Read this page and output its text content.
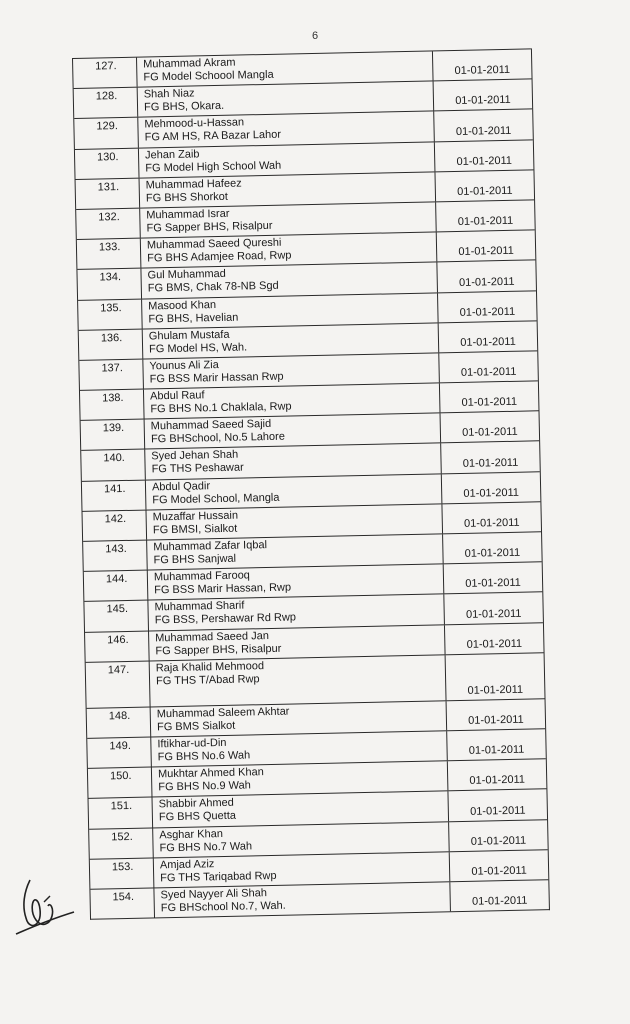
6
127.	Muhammad Akram
FG Model Schoool Mangla	01-01-2011
128.	Shah Niaz
FG BHS, Okara.	01-01-2011
129.	Mehmood-u-Hassan
FG AM HS, RA Bazar Lahor	01-01-2011
130.	Jehan Zaib
FG Model High School Wah	01-01-2011
131.	Muhammad Hafeez
FG BHS Shorkot	01-01-2011
132.	Muhammad Israr
FG Sapper BHS, Risalpur	01-01-2011
133.	Muhammad Saeed Qureshi
FG BHS Adamjee Road, Rwp	01-01-2011
134.	Gul Muhammad
FG BMS, Chak 78-NB Sgd	01-01-2011
135.	Masood Khan
FG BHS, Havelian	01-01-2011
136.	Ghulam Mustafa
FG Model HS, Wah.	01-01-2011
137.	Younus Ali Zia
FG BSS Marir Hassan Rwp	01-01-2011
138.	Abdul Rauf
FG BHS No.1 Chaklala, Rwp	01-01-2011
139.	Muhammad Saeed Sajid
FG BHSchool, No.5 Lahore	01-01-2011
140.	Syed Jehan Shah
FG THS Peshawar	01-01-2011
141.	Abdul Qadir
FG Model School, Mangla	01-01-2011
142.	Muzaffar Hussain
FG BMSI, Sialkot	01-01-2011
143.	Muhammad Zafar Iqbal
FG BHS Sanjwal	01-01-2011
144.	Muhammad Farooq
FG BSS Marir Hassan, Rwp	01-01-2011
145.	Muhammad Sharif
FG BSS, Pershawar Rd Rwp	01-01-2011
146.	Muhammad Saeed Jan
FG Sapper BHS, Risalpur	01-01-2011
147.	Raja Khalid Mehmood
FG THS T/Abad Rwp
01-01-2011
148.	Muhammad Saleem Akhtar
FG BMS Sialkot	01-01-2011
149.	Iftikhar-ud-Din
FG BHS No.6 Wah	01-01-2011
150.	Mukhtar Ahmed Khan
FG BHS No.9 Wah	01-01-2011
151.	Shabbir Ahmed
FG BHS Quetta	01-01-2011
152.	Asghar Khan
FG BHS No.7 Wah	01-01-2011
153.	Amjad Aziz
FG THS Tariqabad Rwp	01-01-2011
154.	Syed Nayyer Ali Shah
FG BHSchool No.7, Wah.	01-01-2011
